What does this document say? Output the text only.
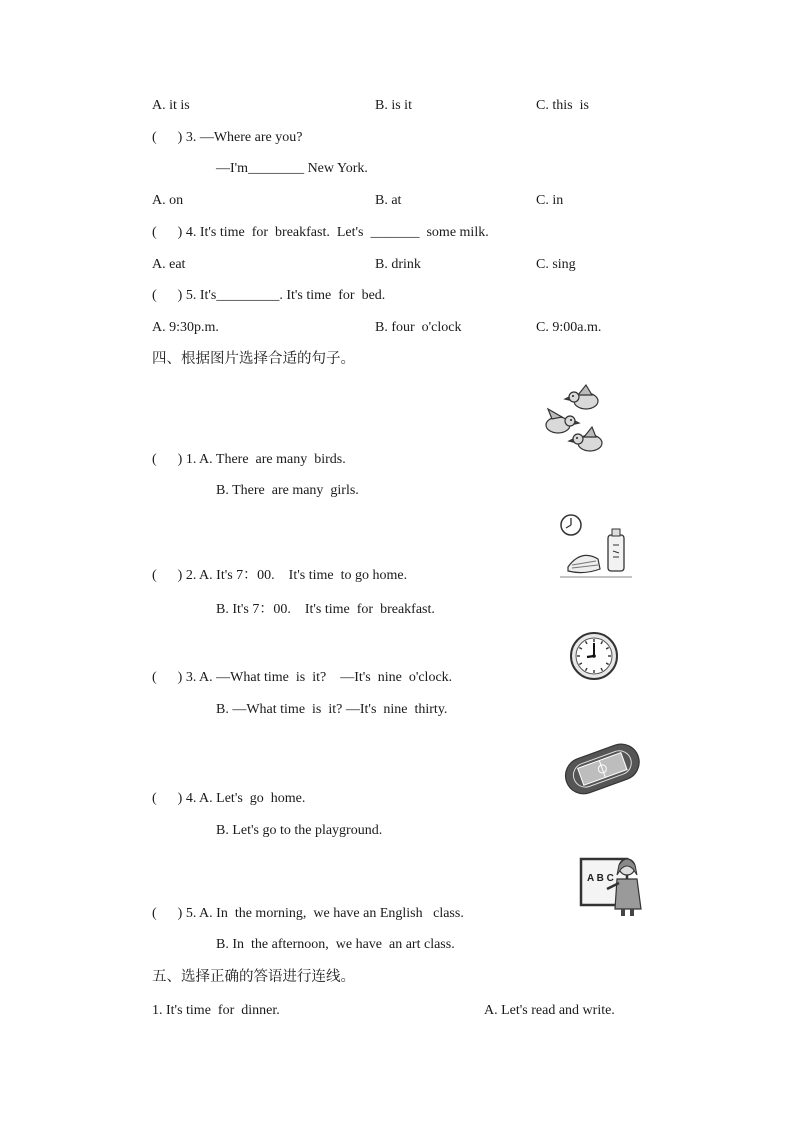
A. it is	B. is it	C. this  is
(      ) 3. —Where are you?
—I'm________ New York.
A. on	B. at	C. in
(      ) 4. It's time  for  breakfast.  Let's  _______  some milk.
A. eat	B. drink	C. sing
(      ) 5. It's_________. It's time  for  bed.
A. 9:30p.m.	B. four  o'clock	C. 9:00a.m.
四、根据图片选择合适的句子。
(      ) 1. A. There  are many  birds.
B. There  are many  girls.
(      ) 2. A. It's 7：00.    It's time  to go home.
B. It's 7：00.    It's time  for  breakfast.
(      ) 3. A. —What time  is  it?    —It's  nine  o'clock.
B. —What time  is  it? —It's  nine  thirty.
(      ) 4. A. Let's  go  home.
B. Let's go to the playground.
(      ) 5. A. In  the morning,  we have an English   class.
B. In  the afternoon,  we have  an art class.
五、选择正确的答语进行连线。
1. It's time  for  dinner.	A. Let's read and write.
A B C
